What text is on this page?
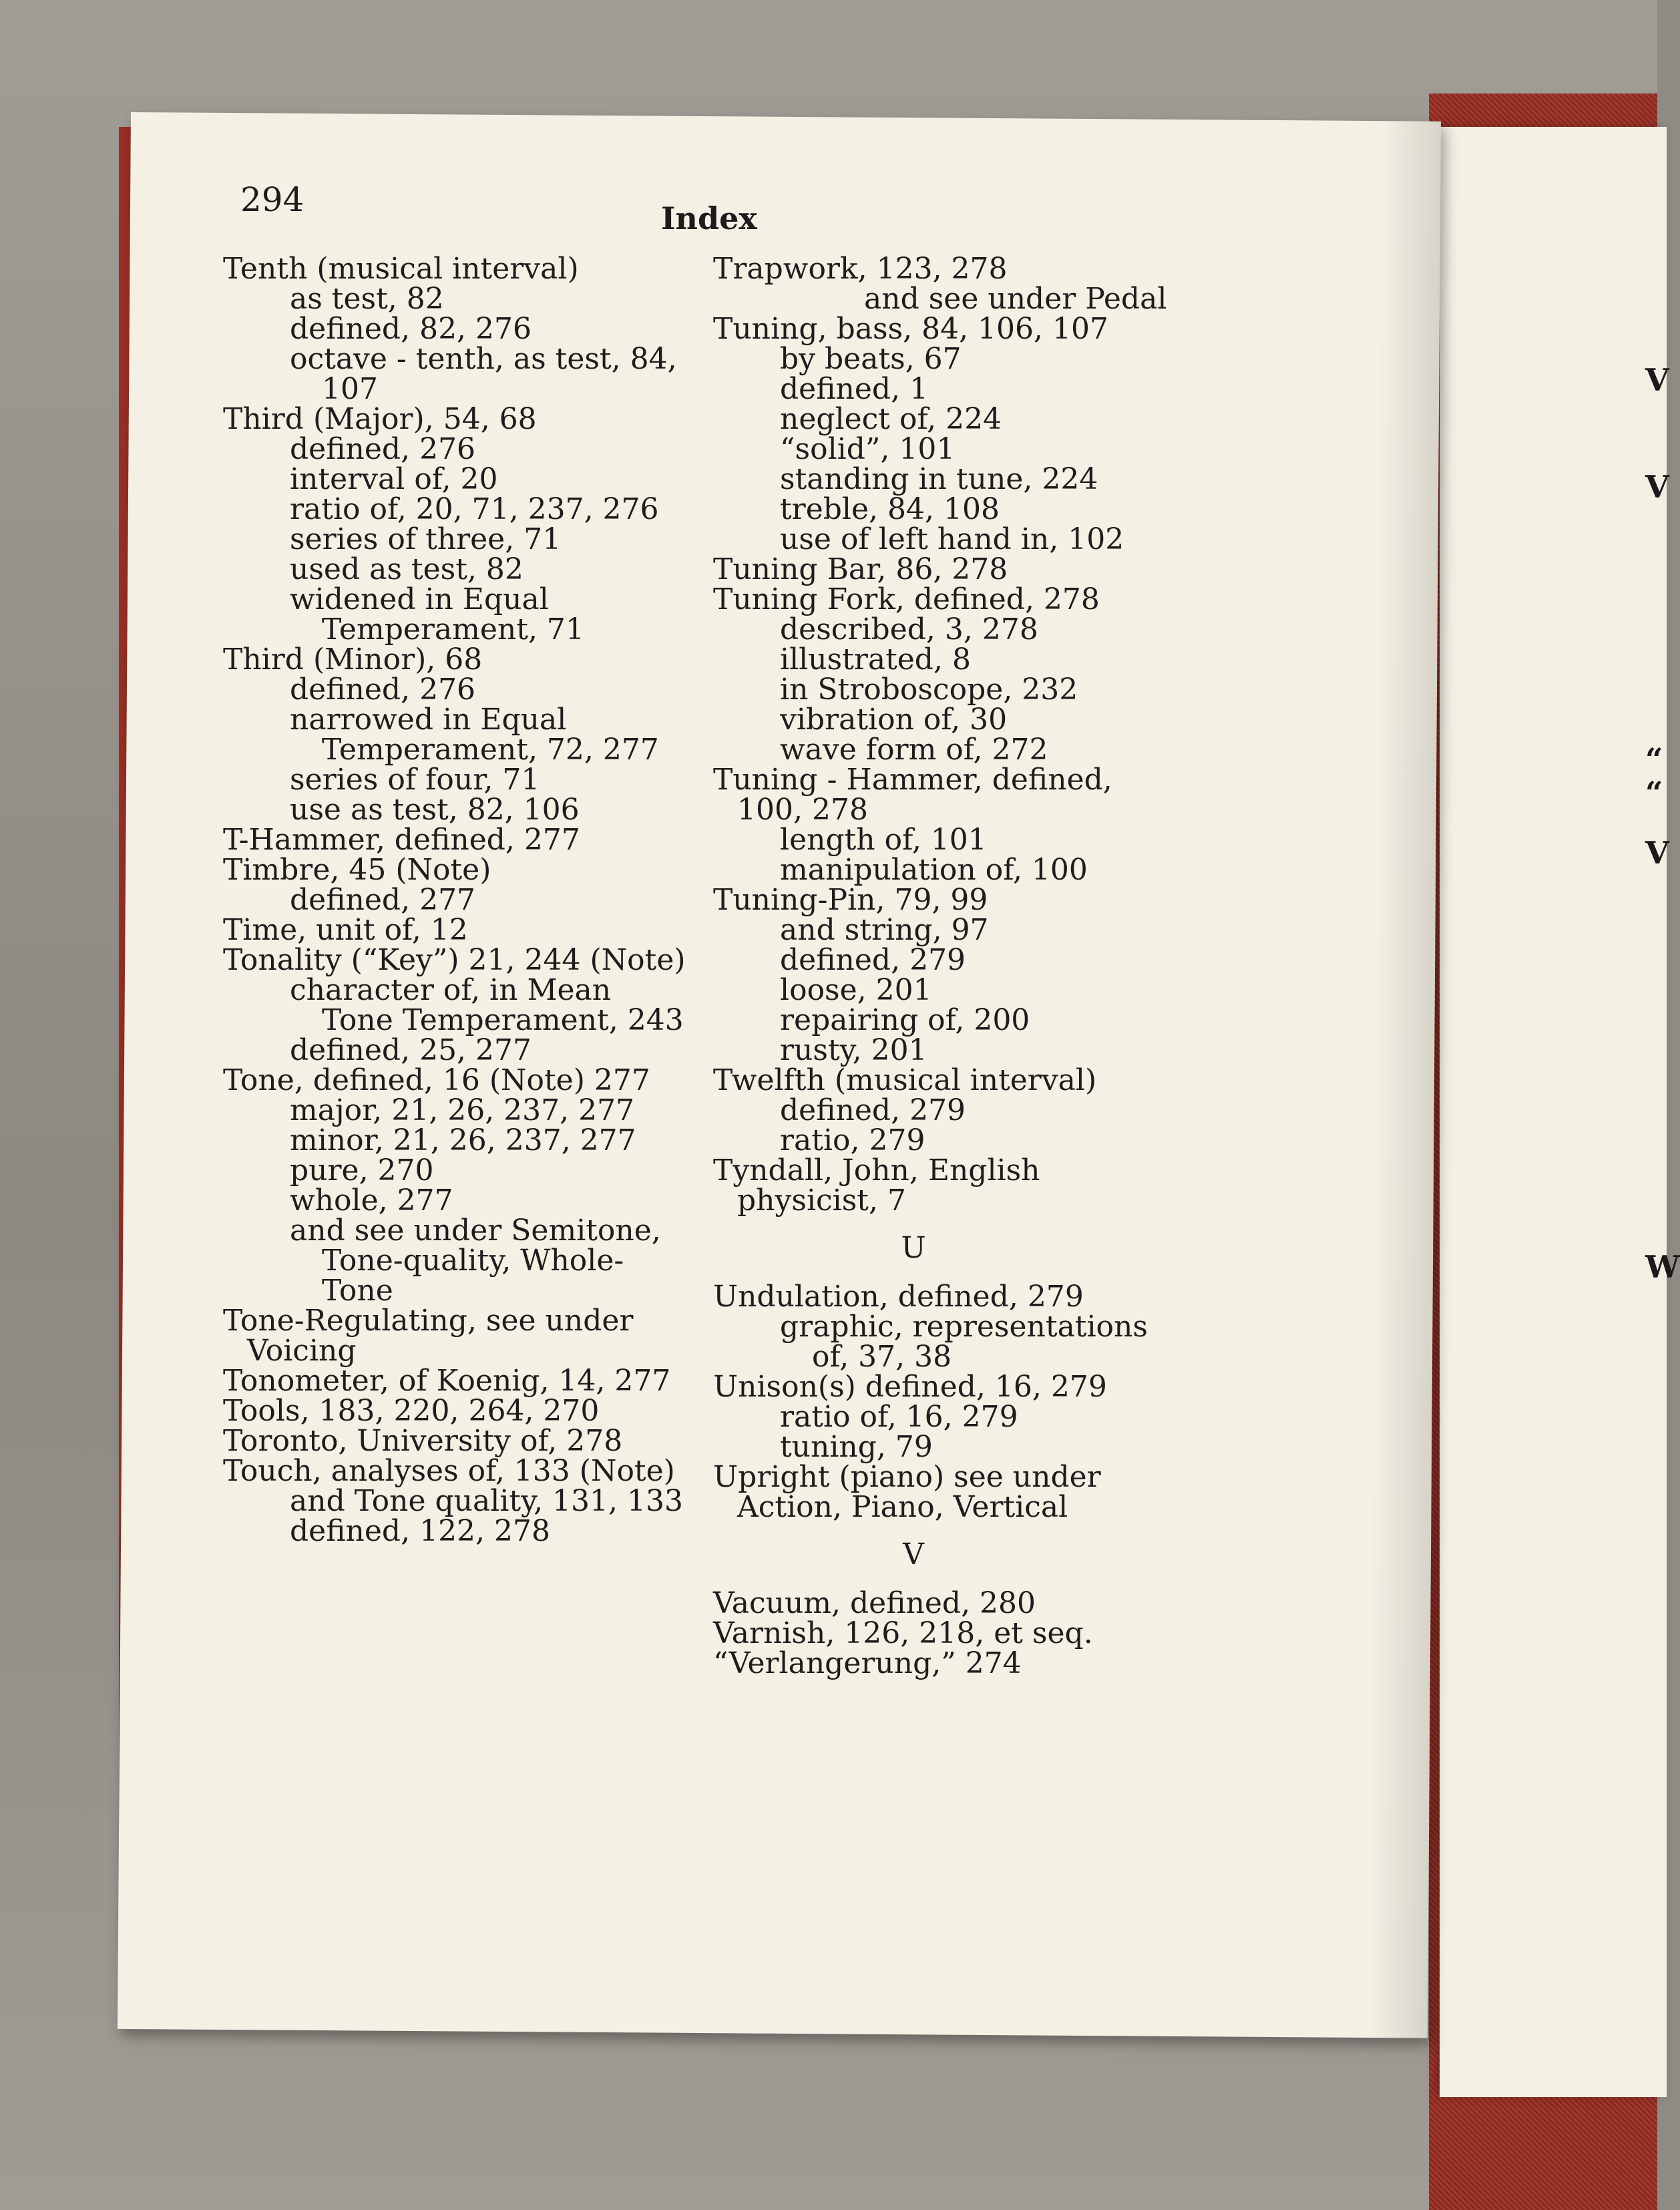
V
V
“
“
V
W
294	Index

Tenth (musical interval)

as test, 82

defined, 82, 276

octave - tenth, as test, 84, 107

Third (Major), 54, 68

defined, 276

interval of, 20

ratio of, 20, 71, 237, 276

series of three, 71

used as test, 82

widened in Equal Temperament, 71

Third (Minor), 68

defined, 276

narrowed in Equal Temperament, 72, 277

series of four, 71

use as test, 82, 106

T-Hammer, defined, 277

Timbre, 45 (Note)

defined, 277

Time, unit of, 12

Tonality (“Key”) 21, 244 (Note)

character of, in Mean Tone Temperament, 243

defined, 25, 277

Tone, defined, 16 (Note) 277

major, 21, 26, 237, 277

minor, 21, 26, 237, 277

pure, 270

whole, 277

and see under Semitone, Tone-quality, Whole-Tone

Tone-Regulating, see under Voicing

Tonometer, of Koenig, 14, 277

Tools, 183, 220, 264, 270

Toronto, University of, 278

Touch, analyses of, 133 (Note)

and Tone quality, 131, 133

defined, 122, 278

Trapwork, 123, 278

and see under Pedal

Tuning, bass, 84, 106, 107

by beats, 67

defined, 1

neglect of, 224

“solid”, 101

standing in tune, 224

treble, 84, 108

use of left hand in, 102

Tuning Bar, 86, 278

Tuning Fork, defined, 278

described, 3, 278

illustrated, 8

in Stroboscope, 232

vibration of, 30

wave form of, 272

Tuning - Hammer, defined, 100, 278

length of, 101

manipulation of, 100

Tuning-Pin, 79, 99

and string, 97

defined, 279

loose, 201

repairing of, 200

rusty, 201

Twelfth (musical interval)

defined, 279

ratio, 279

Tyndall, John, English physicist, 7

U

Undulation, defined, 279

graphic, representations of, 37, 38

Unison(s) defined, 16, 279

ratio of, 16, 279

tuning, 79

Upright (piano) see under Action, Piano, Vertical

V

Vacuum, defined, 280

Varnish, 126, 218, et seq.

“Verlangerung,” 274
